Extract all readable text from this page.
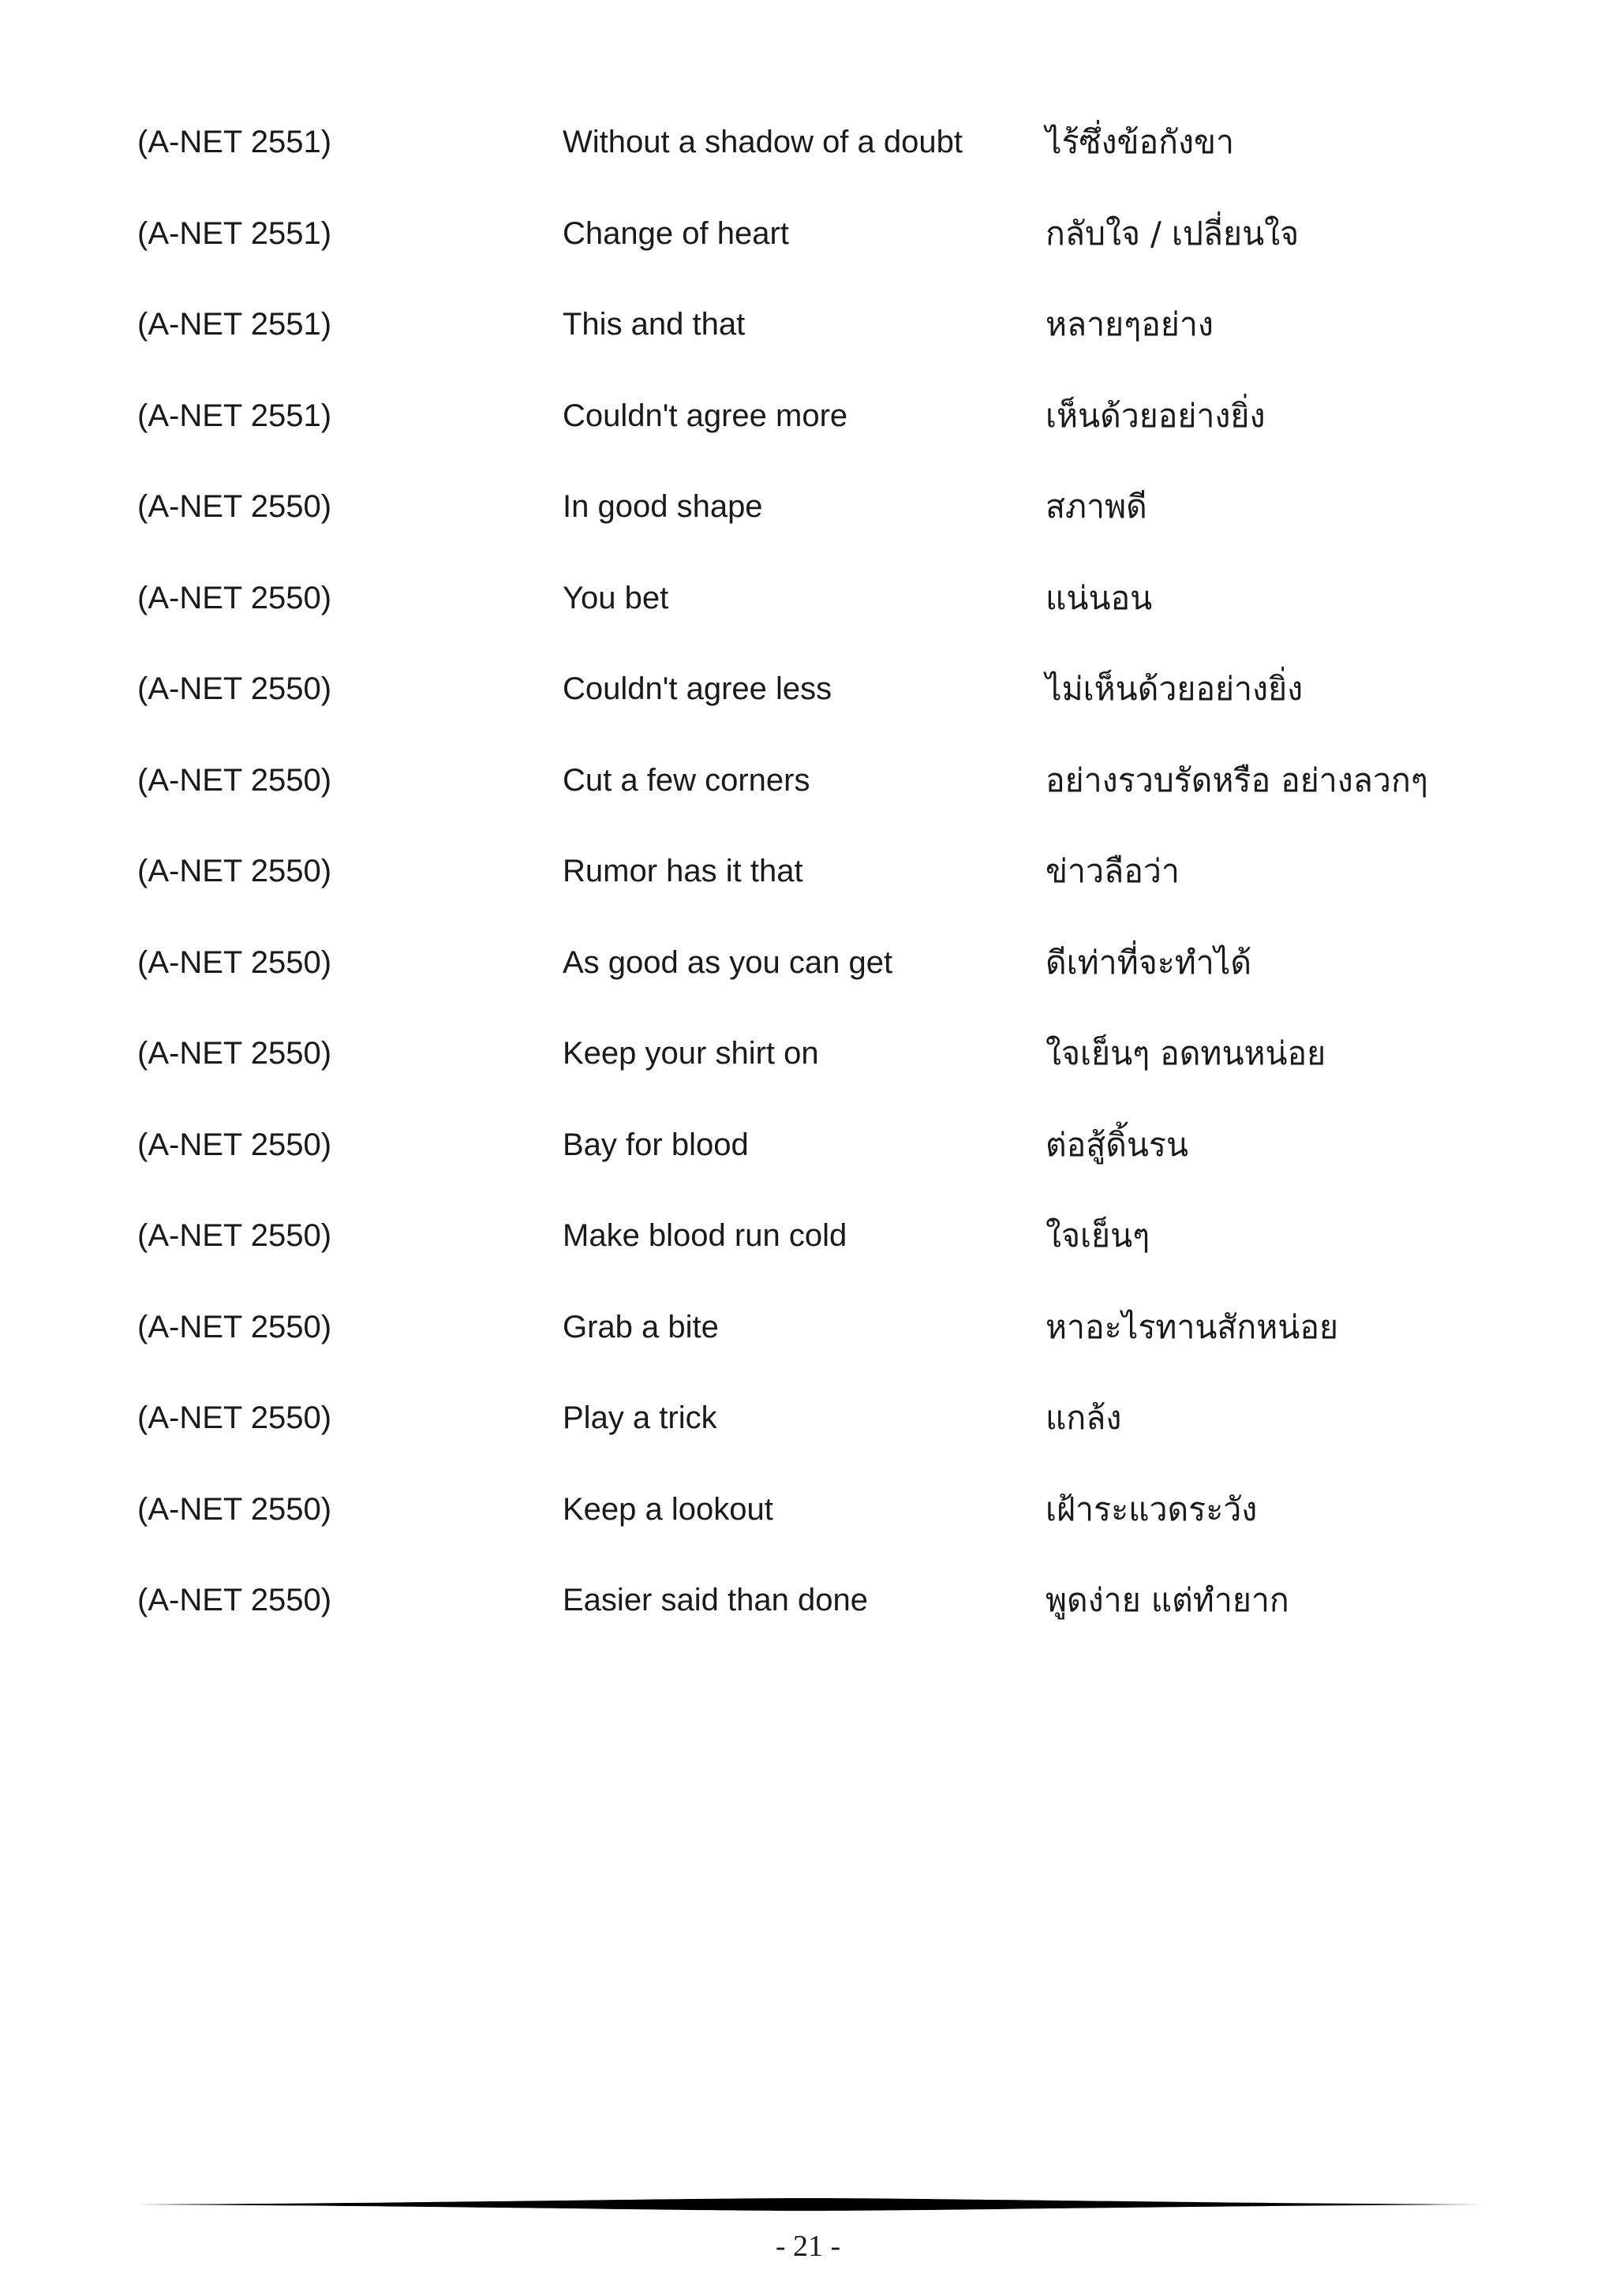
(A-NET 2551)	Without a shadow of a doubt	ไร้ซึ่งข้อกังขา
(A-NET 2551)	Change of heart	กลับใจ / เปลี่ยนใจ
(A-NET 2551)	This and that	หลายๆอย่าง
(A-NET 2551)	Couldn't agree more	เห็นด้วยอย่างยิ่ง
(A-NET 2550)	In good shape	สภาพดี
(A-NET 2550)	You bet	แน่นอน
(A-NET 2550)	Couldn't agree less	ไม่เห็นด้วยอย่างยิ่ง
(A-NET 2550)	Cut a few corners	อย่างรวบรัดหรือ อย่างลวกๆ
(A-NET 2550)	Rumor has it that	ข่าวลือว่า
(A-NET 2550)	As good as you can get	ดีเท่าที่จะทำได้
(A-NET 2550)	Keep your shirt on	ใจเย็นๆ อดทนหน่อย
(A-NET 2550)	Bay for blood	ต่อสู้ดิ้นรน
(A-NET 2550)	Make blood run cold	ใจเย็นๆ
(A-NET 2550)	Grab a bite	หาอะไรทานสักหน่อย
(A-NET 2550)	Play a trick	แกล้ง
(A-NET 2550)	Keep a lookout	เฝ้าระแวดระวัง
(A-NET 2550)	Easier said than done	พูดง่าย แต่ทำยาก
- 21 -
